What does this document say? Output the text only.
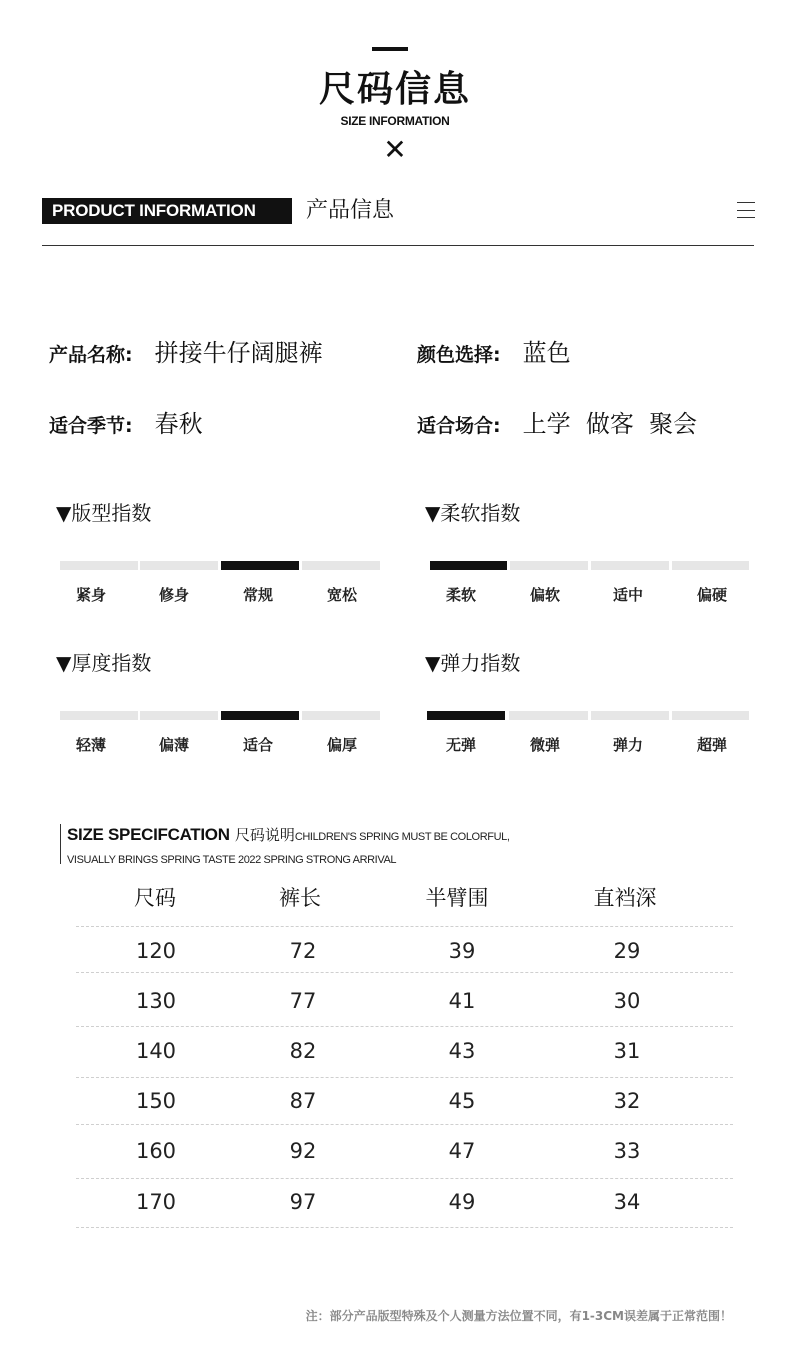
尺码信息
SIZE INFORMATION
✕
PRODUCT INFORMATION	产品信息
产品名称: 拼接牛仔阔腿裤	颜色选择: 蓝色
适合季节: 春秋	适合场合: 上学  做客  聚会
▼版型指数
紧身	修身	常规	宽松
▼柔软指数
柔软	偏软	适中	偏硬
▼厚度指数
轻薄	偏薄	适合	偏厚
▼弹力指数
无弹	微弹	弹力	超弹
SIZE SPECIFCATION 尺码说明CHILDREN'S SPRING MUST BE COLORFUL,
VISUALLY BRINGS SPRING TASTE 2022 SPRING STRONG ARRIVAL
尺码	裤长	半臂围	直裆深
120	72	39	29
130	77	41	30
140	82	43	31
150	87	45	32
160	92	47	33
170	97	49	34
注：部分产品版型特殊及个人测量方法位置不同，有1-3CM误差属于正常范围！
